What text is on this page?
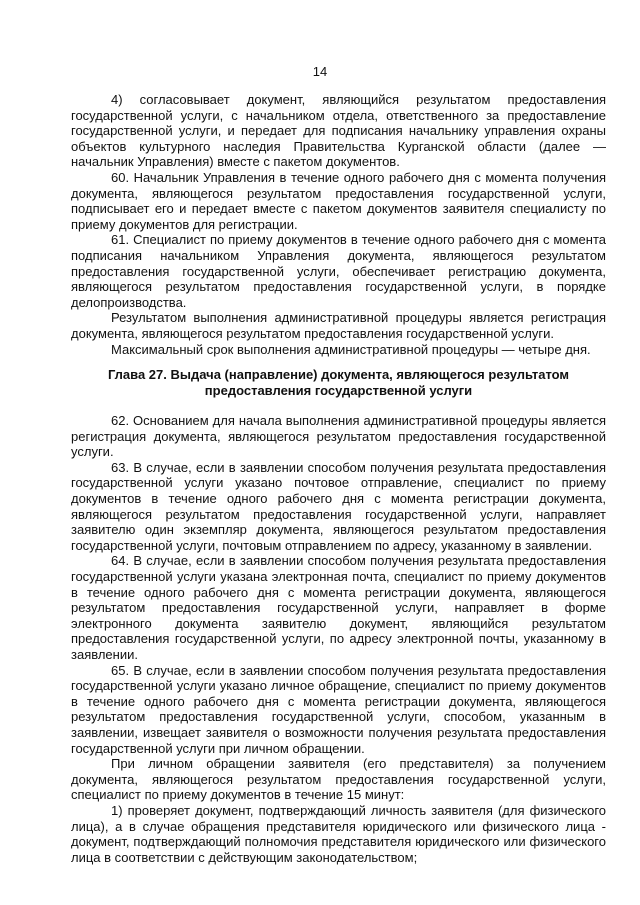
14

4) согласовывает документ, являющийся результатом предоставления государственной услуги, с начальником отдела, ответственного за предоставление государственной услуги, и передает для подписания начальнику управления охраны объектов культурного наследия Правительства Курганской области (далее — начальник Управления) вместе с пакетом документов.

60. Начальник Управления в течение одного рабочего дня с момента получения документа, являющегося результатом предоставления государственной услуги, подписывает его и передает вместе с пакетом документов заявителя специалисту по приему документов для регистрации.

61. Специалист по приему документов в течение одного рабочего дня с момента подписания начальником Управления документа, являющегося результатом предоставления государственной услуги, обеспечивает регистрацию документа, являющегося результатом предоставления государственной услуги, в порядке делопроизводства.

Результатом выполнения административной процедуры является регистрация документа, являющегося результатом предоставления государственной услуги.

Максимальный срок выполнения административной процедуры — четыре дня.

Глава 27. Выдача (направление) документа, являющегося результатом предоставления государственной услуги

62. Основанием для начала выполнения административной процедуры является регистрация документа, являющегося результатом предоставления государственной услуги.

63. В случае, если в заявлении способом получения результата предоставления государственной услуги указано почтовое отправление, специалист по приему документов в течение одного рабочего дня с момента регистрации документа, являющегося результатом предоставления государственной услуги, направляет заявителю один экземпляр документа, являющегося результатом предоставления государственной услуги, почтовым отправлением по адресу, указанному в заявлении.

64. В случае, если в заявлении способом получения результата предоставления государственной услуги указана электронная почта, специалист по приему документов в течение одного рабочего дня с момента регистрации документа, являющегося результатом предоставления государственной услуги, направляет в форме электронного документа заявителю документ, являющийся результатом предоставления государственной услуги, по адресу электронной почты, указанному в заявлении.

65. В случае, если в заявлении способом получения результата предоставления государственной услуги указано личное обращение, специалист по приему документов в течение одного рабочего дня с момента регистрации документа, являющегося результатом предоставления государственной услуги, способом, указанным в заявлении, извещает заявителя о возможности получения результата предоставления государственной услуги при личном обращении.

При личном обращении заявителя (его представителя) за получением документа, являющегося результатом предоставления государственной услуги, специалист по приему документов в течение 15 минут:

1) проверяет документ, подтверждающий личность заявителя (для физического лица), а в случае обращения представителя юридического или физического лица - документ, подтверждающий полномочия представителя юридического или физического лица в соответствии с действующим законодательством;
